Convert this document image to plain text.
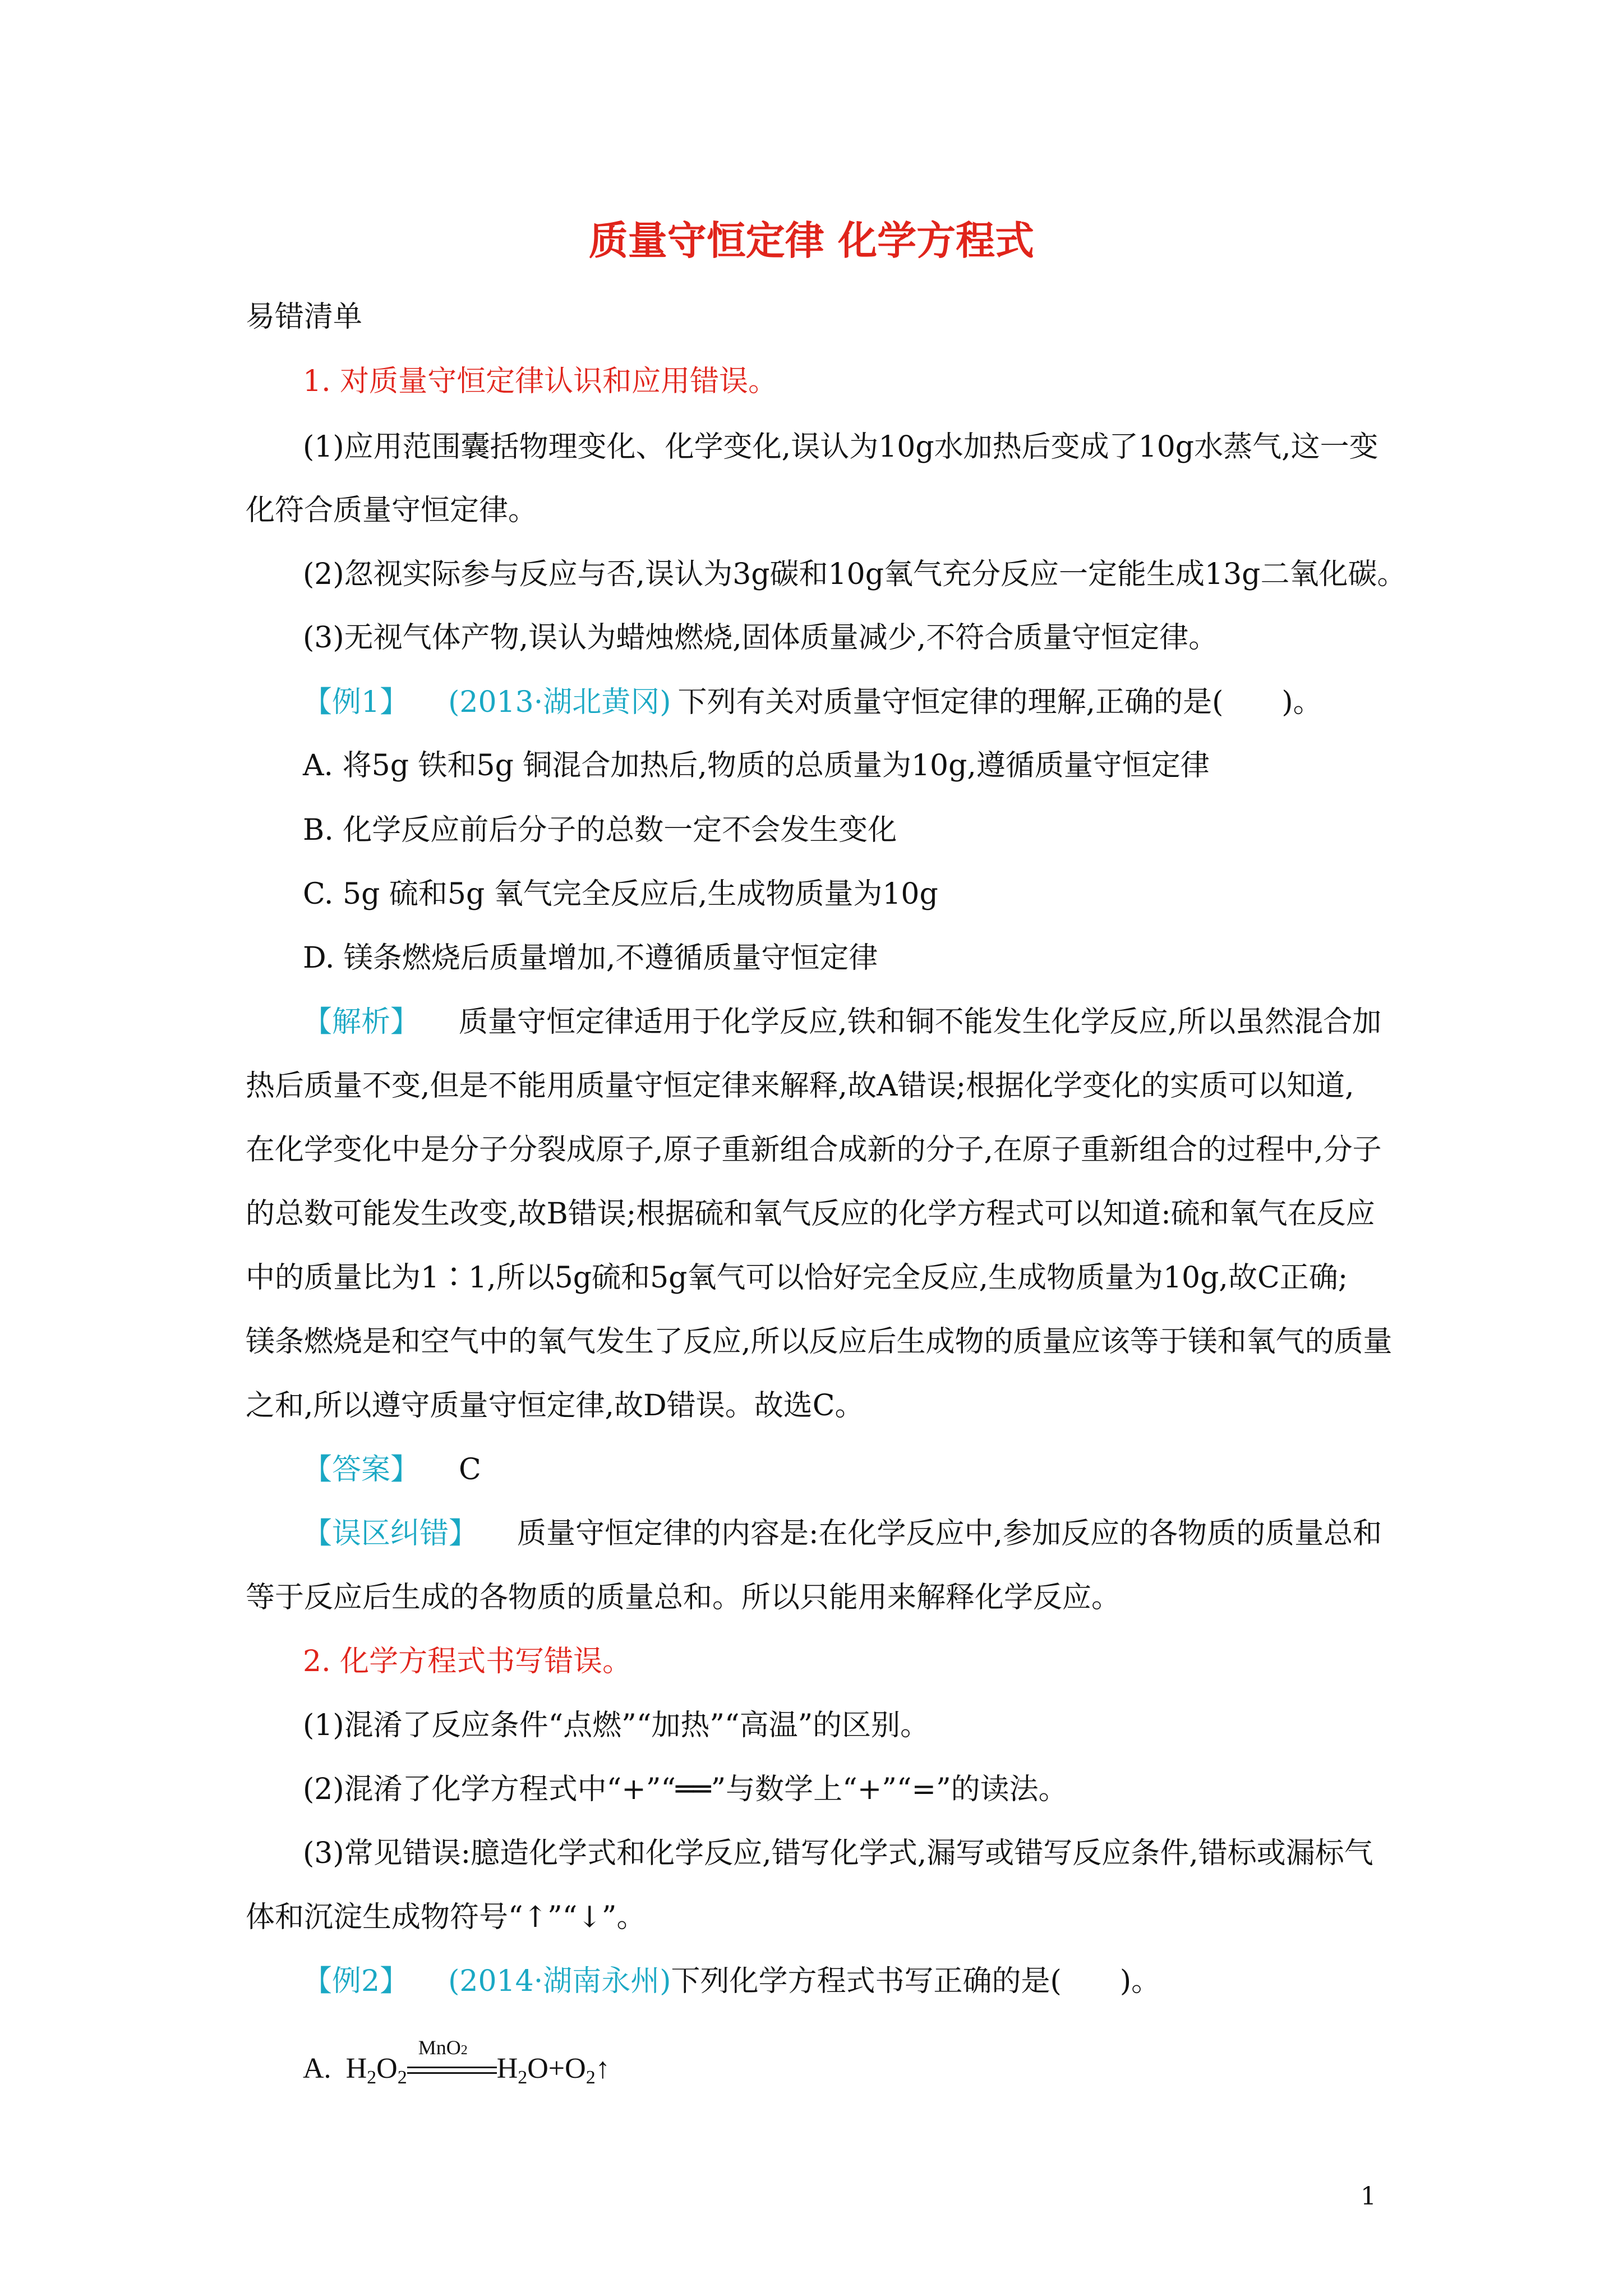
质量守恒定律 化学方程式
易错清单
1. 对质量守恒定律认识和应用错误。
(1)应用范围囊括物理变化、化学变化,误认为10g水加热后变成了10g水蒸气,这一变
化符合质量守恒定律。
(2)忽视实际参与反应与否,误认为3g碳和10g氧气充分反应一定能生成13g二氧化碳。
(3)无视气体产物,误认为蜡烛燃烧,固体质量减少,不符合质量守恒定律。
【例1】 (2013·湖北黄冈) 下列有关对质量守恒定律的理解,正确的是(　　)。
A. 将5g 铁和5g 铜混合加热后,物质的总质量为10g,遵循质量守恒定律
B. 化学反应前后分子的总数一定不会发生变化
C. 5g 硫和5g 氧气完全反应后,生成物质量为10g
D. 镁条燃烧后质量增加,不遵循质量守恒定律
【解析】 质量守恒定律适用于化学反应,铁和铜不能发生化学反应,所以虽然混合加
热后质量不变,但是不能用质量守恒定律来解释,故A错误;根据化学变化的实质可以知道,
在化学变化中是分子分裂成原子,原子重新组合成新的分子,在原子重新组合的过程中,分子
的总数可能发生改变,故B错误;根据硫和氧气反应的化学方程式可以知道:硫和氧气在反应
中的质量比为1∶1,所以5g硫和5g氧气可以恰好完全反应,生成物质量为10g,故C正确;
镁条燃烧是和空气中的氧气发生了反应,所以反应后生成物的质量应该等于镁和氧气的质量
之和,所以遵守质量守恒定律,故D错误。故选C。
【答案】 C
【误区纠错】 质量守恒定律的内容是:在化学反应中,参加反应的各物质的质量总和
等于反应后生成的各物质的质量总和。所以只能用来解释化学反应。
2. 化学方程式书写错误。
(1)混淆了反应条件“点燃”“加热”“高温”的区别。
(2)混淆了化学方程式中“+”“══”与数学上“+”“=”的读法。
(3)常见错误:臆造化学式和化学反应,错写化学式,漏写或错写反应条件,错标或漏标气
体和沉淀生成物符号“↑”“↓”。
【例2】 (2014·湖南永州)下列化学方程式书写正确的是(　　)。
A. $H_2O_2$
MnO2
$H_2O+O_2↑$
1
